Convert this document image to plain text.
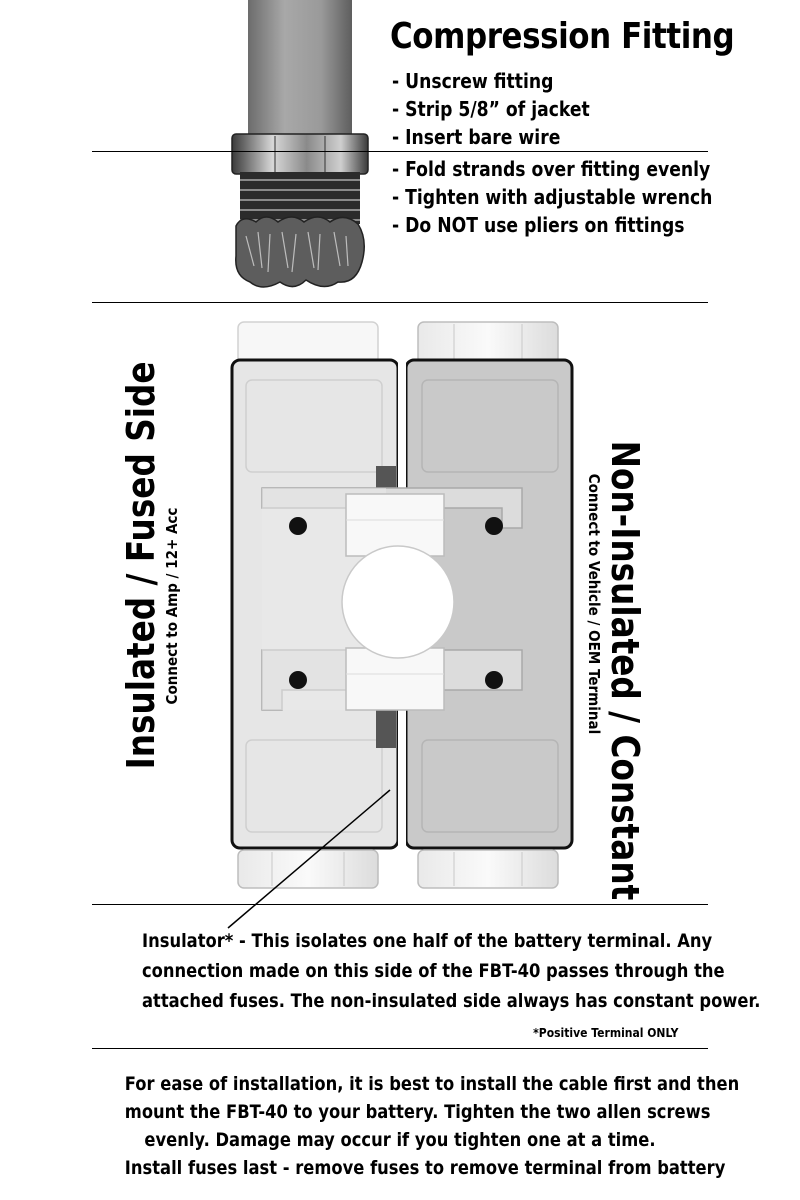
Compression Fitting
- Unscrew fitting
- Strip 5/8” of jacket
- Insert bare wire
- Fold strands over fitting evenly
- Tighten with adjustable wrench
- Do NOT use pliers on fittings
Insulated / Fused Side Connect to Amp / 12+ Acc	Non-Insulated / Constant
Connect to Vehicle / OEM Terminal
Insulator* - This isolates one half of the battery terminal. Any
connection made on this side of the FBT-40 passes through the
attached fuses. The non-insulated side always has constant power.
*Positive Terminal ONLY
For ease of installation, it is best to install the cable first and then
mount the FBT-40 to your battery. Tighten the two allen screws
evenly. Damage may occur if you tighten one at a time.
Install fuses last - remove fuses to remove terminal from battery
